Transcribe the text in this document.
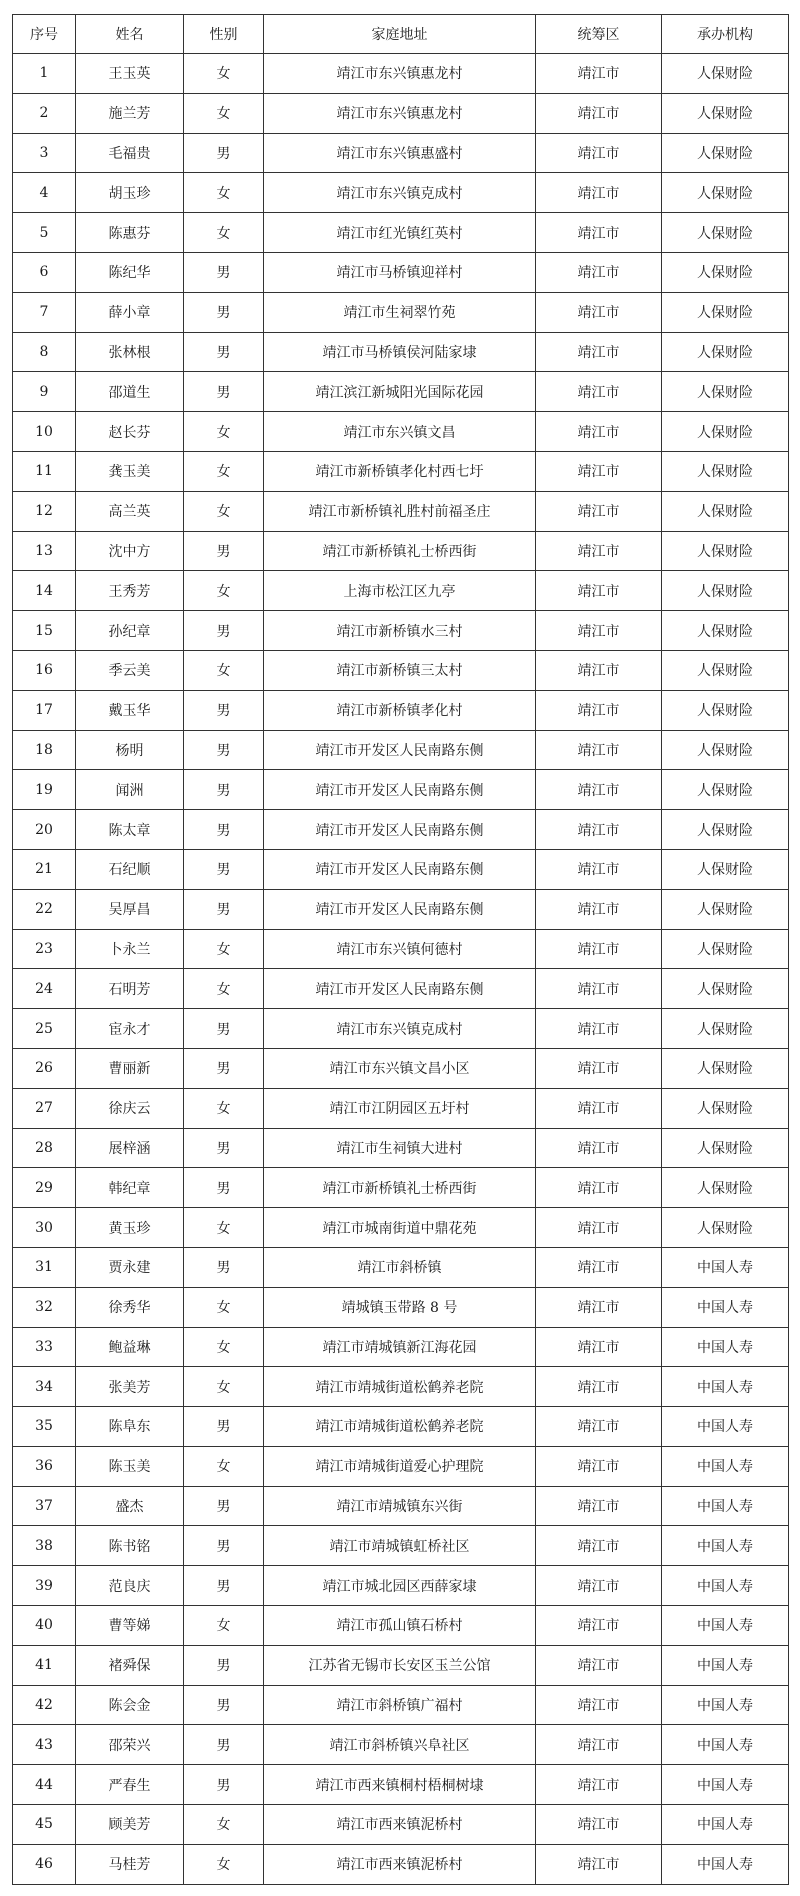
序号	姓名	性别	家庭地址	统筹区	承办机构
1	王玉英	女	靖江市东兴镇惠龙村	靖江市	人保财险
2	施兰芳	女	靖江市东兴镇惠龙村	靖江市	人保财险
3	毛福贵	男	靖江市东兴镇惠盛村	靖江市	人保财险
4	胡玉珍	女	靖江市东兴镇克成村	靖江市	人保财险
5	陈惠芬	女	靖江市红光镇红英村	靖江市	人保财险
6	陈纪华	男	靖江市马桥镇迎祥村	靖江市	人保财险
7	薛小章	男	靖江市生祠翠竹苑	靖江市	人保财险
8	张林根	男	靖江市马桥镇侯河陆家埭	靖江市	人保财险
9	邵道生	男	靖江滨江新城阳光国际花园	靖江市	人保财险
10	赵长芬	女	靖江市东兴镇文昌	靖江市	人保财险
11	龚玉美	女	靖江市新桥镇孝化村西七圩	靖江市	人保财险
12	高兰英	女	靖江市新桥镇礼胜村前福圣庄	靖江市	人保财险
13	沈中方	男	靖江市新桥镇礼士桥西街	靖江市	人保财险
14	王秀芳	女	上海市松江区九亭	靖江市	人保财险
15	孙纪章	男	靖江市新桥镇水三村	靖江市	人保财险
16	季云美	女	靖江市新桥镇三太村	靖江市	人保财险
17	戴玉华	男	靖江市新桥镇孝化村	靖江市	人保财险
18	杨明	男	靖江市开发区人民南路东侧	靖江市	人保财险
19	闻洲	男	靖江市开发区人民南路东侧	靖江市	人保财险
20	陈太章	男	靖江市开发区人民南路东侧	靖江市	人保财险
21	石纪顺	男	靖江市开发区人民南路东侧	靖江市	人保财险
22	吴厚昌	男	靖江市开发区人民南路东侧	靖江市	人保财险
23	卜永兰	女	靖江市东兴镇何德村	靖江市	人保财险
24	石明芳	女	靖江市开发区人民南路东侧	靖江市	人保财险
25	宦永才	男	靖江市东兴镇克成村	靖江市	人保财险
26	曹丽新	男	靖江市东兴镇文昌小区	靖江市	人保财险
27	徐庆云	女	靖江市江阴园区五圩村	靖江市	人保财险
28	展梓涵	男	靖江市生祠镇大进村	靖江市	人保财险
29	韩纪章	男	靖江市新桥镇礼士桥西街	靖江市	人保财险
30	黄玉珍	女	靖江市城南街道中鼎花苑	靖江市	人保财险
31	贾永建	男	靖江市斜桥镇	靖江市	中国人寿
32	徐秀华	女	靖城镇玉带路 8 号	靖江市	中国人寿
33	鲍益琳	女	靖江市靖城镇新江海花园	靖江市	中国人寿
34	张美芳	女	靖江市靖城街道松鹤养老院	靖江市	中国人寿
35	陈阜东	男	靖江市靖城街道松鹤养老院	靖江市	中国人寿
36	陈玉美	女	靖江市靖城街道爱心护理院	靖江市	中国人寿
37	盛杰	男	靖江市靖城镇东兴街	靖江市	中国人寿
38	陈书铭	男	靖江市靖城镇虹桥社区	靖江市	中国人寿
39	范良庆	男	靖江市城北园区西薛家埭	靖江市	中国人寿
40	曹等娣	女	靖江市孤山镇石桥村	靖江市	中国人寿
41	褚舜保	男	江苏省无锡市长安区玉兰公馆	靖江市	中国人寿
42	陈会金	男	靖江市斜桥镇广福村	靖江市	中国人寿
43	邵荣兴	男	靖江市斜桥镇兴阜社区	靖江市	中国人寿
44	严春生	男	靖江市西来镇桐村梧桐树埭	靖江市	中国人寿
45	顾美芳	女	靖江市西来镇泥桥村	靖江市	中国人寿
46	马桂芳	女	靖江市西来镇泥桥村	靖江市	中国人寿
